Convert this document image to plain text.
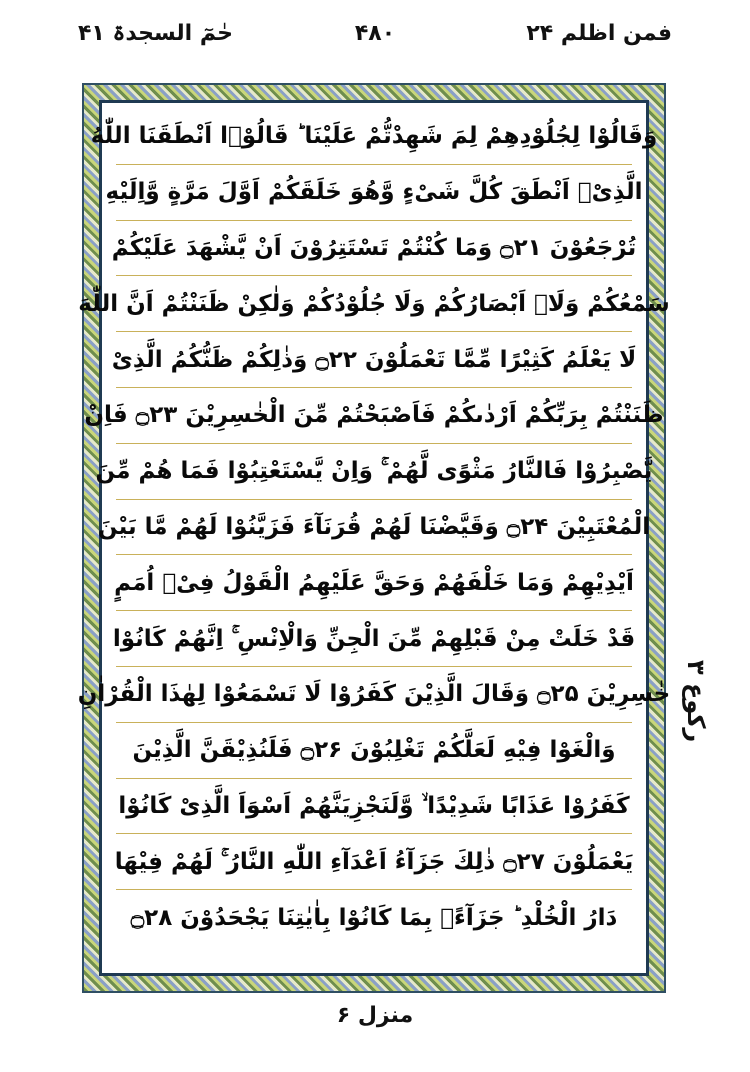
فمن اظلم ۲۴
۴۸۰
حٰمٓ السجدۃ ۴۱
وَقَالُوْا لِجُلُوْدِهِمْ لِمَ شَهِدْتُّمْ عَلَيْنَا ؕ قَالُوْۤا اَنْطَقَنَا اللّٰهُ
الَّذِیْۤ اَنْطَقَ كُلَّ شَیْءٍ وَّهُوَ خَلَقَكُمْ اَوَّلَ مَرَّةٍ وَّاِلَیْهِ
تُرْجَعُوْنَ ۝۲۱ وَمَا كُنْتُمْ تَسْتَتِرُوْنَ اَنْ یَّشْهَدَ عَلَیْكُمْ
سَمْعُكُمْ وَلَاۤ اَبْصَارُكُمْ وَلَا جُلُوْدُكُمْ وَلٰكِنْ ظَنَنْتُمْ اَنَّ اللّٰهَ
لَا یَعْلَمُ كَثِیْرًا مِّمَّا تَعْمَلُوْنَ ۝۲۲ وَذٰلِكُمْ ظَنُّكُمُ الَّذِیْ
ظَنَنْتُمْ بِرَبِّكُمْ اَرْدٰىكُمْ فَاَصْبَحْتُمْ مِّنَ الْخٰسِرِیْنَ ۝۲۳ فَاِنْ
یَّصْبِرُوْا فَالنَّارُ مَثْوًى لَّهُمْ ۚ وَاِنْ یَّسْتَعْتِبُوْا فَمَا هُمْ مِّنَ
الْمُعْتَبِیْنَ ۝۲۴ وَقَیَّضْنَا لَهُمْ قُرَنَآءَ فَزَیَّنُوْا لَهُمْ مَّا بَیْنَ
اَیْدِیْهِمْ وَمَا خَلْفَهُمْ وَحَقَّ عَلَیْهِمُ الْقَوْلُ فِیْۤ اُمَمٍ
قَدْ خَلَتْ مِنْ قَبْلِهِمْ مِّنَ الْجِنِّ وَالْاِنْسِ ۚ اِنَّهُمْ كَانُوْا
خٰسِرِیْنَ ۝۲۵ وَقَالَ الَّذِیْنَ كَفَرُوْا لَا تَسْمَعُوْا لِهٰذَا الْقُرْاٰنِ
وَالْغَوْا فِیْهِ لَعَلَّكُمْ تَغْلِبُوْنَ ۝۲۶ فَلَنُذِیْقَنَّ الَّذِیْنَ
كَفَرُوْا عَذَابًا شَدِیْدًا ۙ وَّلَنَجْزِیَنَّهُمْ اَسْوَاَ الَّذِیْ كَانُوْا
یَعْمَلُوْنَ ۝۲۷ ذٰلِكَ جَزَآءُ اَعْدَآءِ اللّٰهِ النَّارُ ۚ لَهُمْ فِیْهَا
دَارُ الْخُلْدِ ؕ جَزَآءًۢ بِمَا كَانُوْا بِاٰیٰتِنَا یَجْحَدُوْنَ ۝۲۸
رکوع ۳
منزل ۶
